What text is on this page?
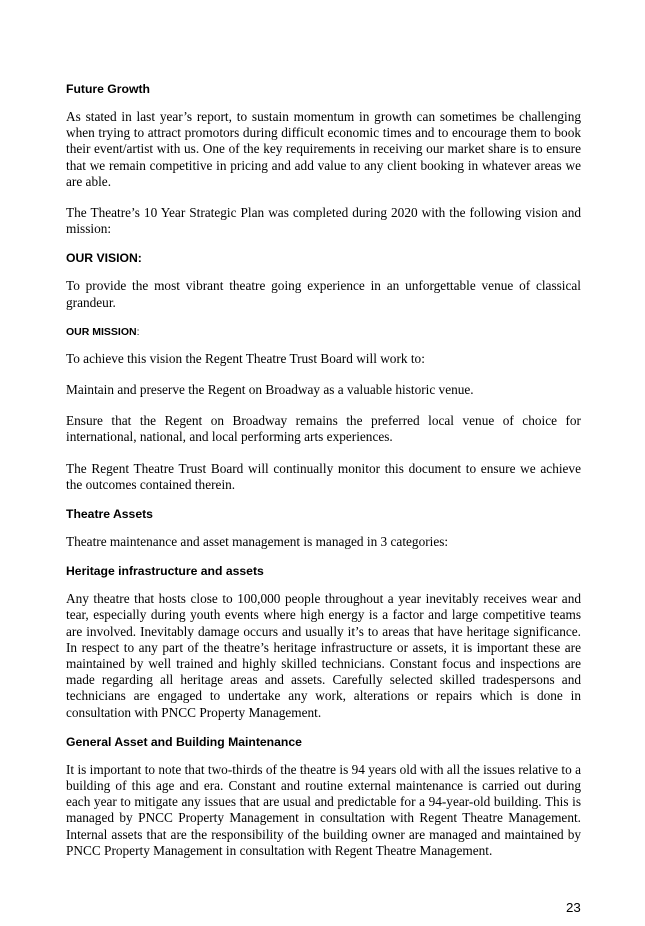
Future Growth

As stated in last year’s report, to sustain momentum in growth can sometimes be challenging when trying to attract promotors during difficult economic times and to encourage them to book their event/artist with us. One of the key requirements in receiving our market share is to ensure that we remain competitive in pricing and add value to any client booking in whatever areas we are able.

The Theatre’s 10 Year Strategic Plan was completed during 2020 with the following vision and mission:

OUR VISION:

To provide the most vibrant theatre going experience in an unforgettable venue of classical grandeur.

OUR MISSION:

To achieve this vision the Regent Theatre Trust Board will work to:

Maintain and preserve the Regent on Broadway as a valuable historic venue.

Ensure that the Regent on Broadway remains the preferred local venue of choice for international, national, and local performing arts experiences.

The Regent Theatre Trust Board will continually monitor this document to ensure we achieve the outcomes contained therein.

Theatre Assets

Theatre maintenance and asset management is managed in 3 categories:

Heritage infrastructure and assets

Any theatre that hosts close to 100,000 people throughout a year inevitably receives wear and tear, especially during youth events where high energy is a factor and large competitive teams are involved. Inevitably damage occurs and usually it’s to areas that have heritage significance. In respect to any part of the theatre’s heritage infrastructure or assets, it is important these are maintained by well trained and highly skilled technicians. Constant focus and inspections are made regarding all heritage areas and assets. Carefully selected skilled tradespersons and technicians are engaged to undertake any work, alterations or repairs which is done in consultation with PNCC Property Management.

General Asset and Building Maintenance

It is important to note that two-thirds of the theatre is 94 years old with all the issues relative to a building of this age and era. Constant and routine external maintenance is carried out during each year to mitigate any issues that are usual and predictable for a 94-year-old building. This is managed by PNCC Property Management in consultation with Regent Theatre Management. Internal assets that are the responsibility of the building owner are managed and maintained by PNCC Property Management in consultation with Regent Theatre Management.

23
